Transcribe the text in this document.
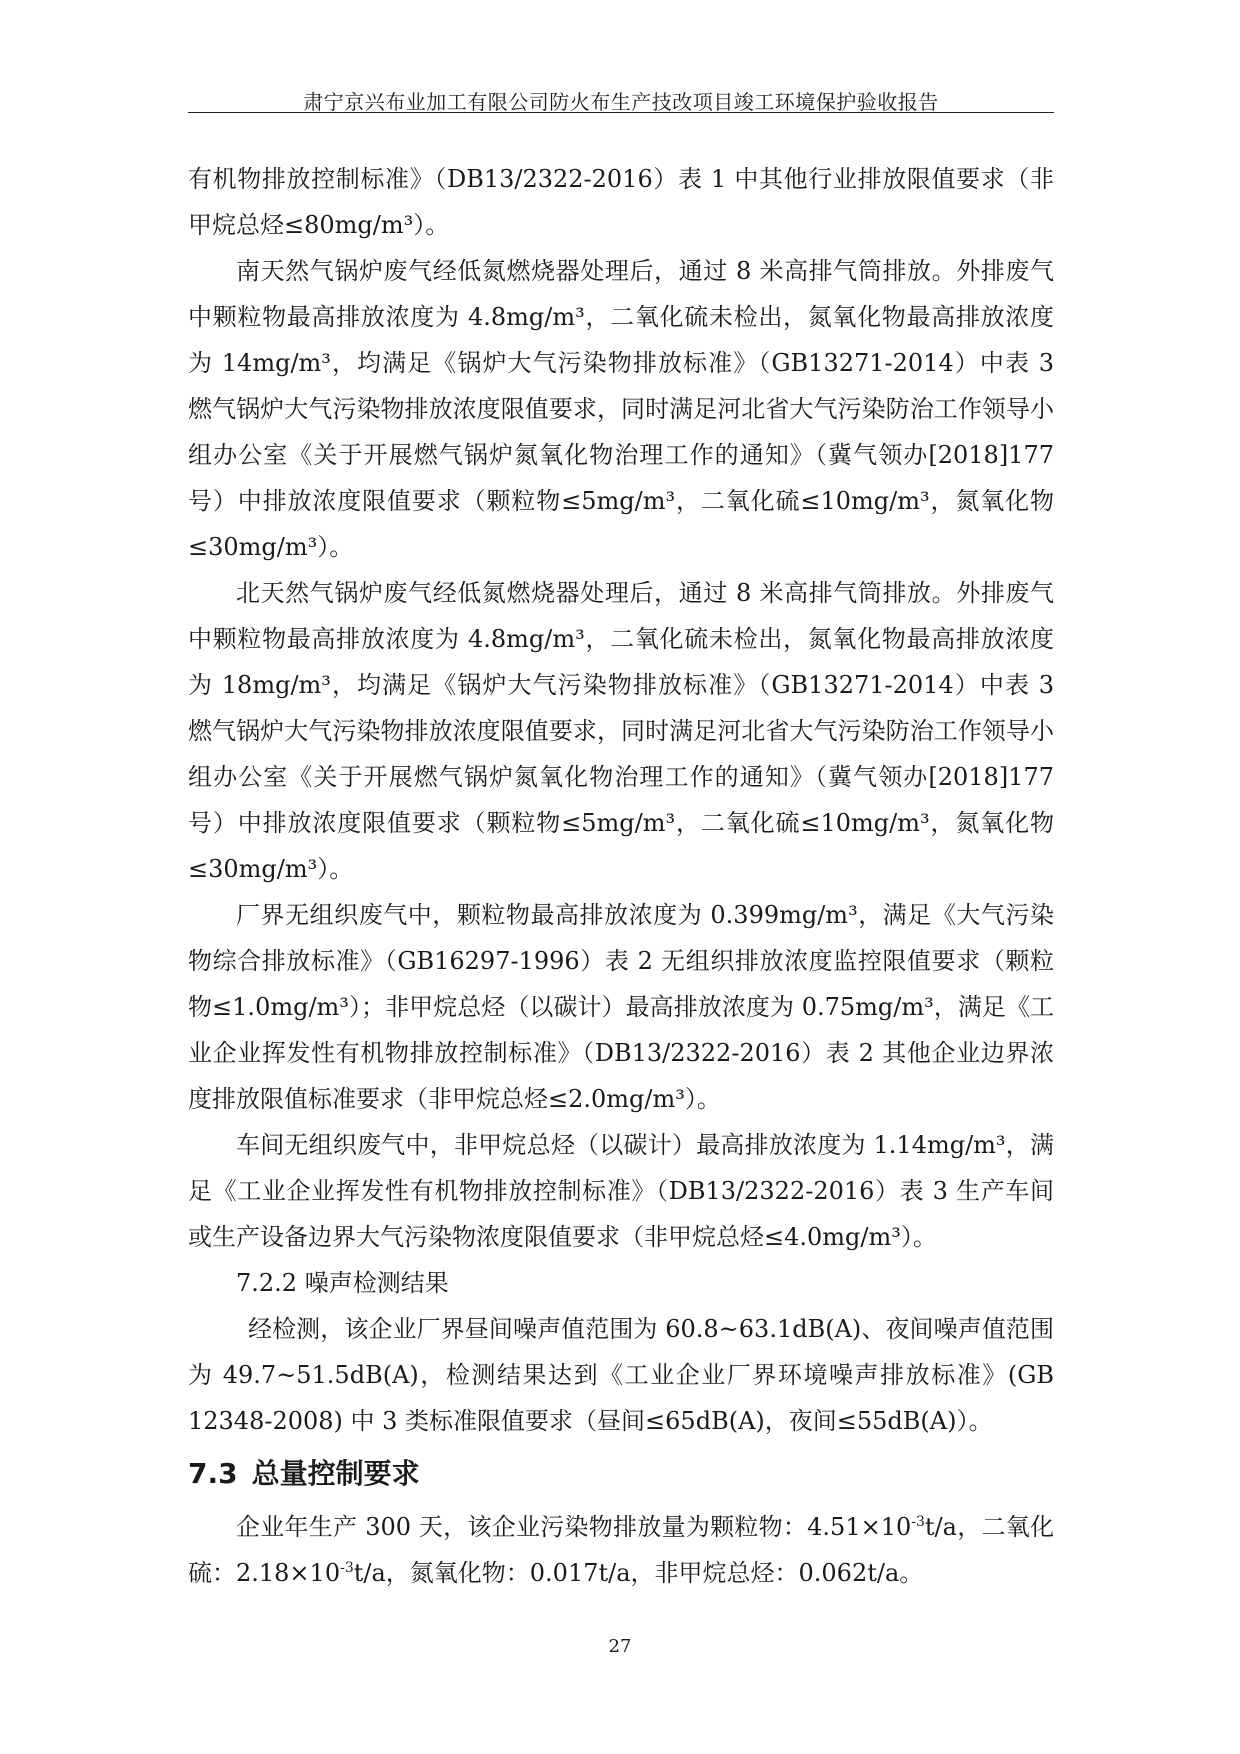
肃宁京兴布业加工有限公司防火布生产技改项目竣工环境保护验收报告

有机物排放控制标准》（DB13/2322-2016）表 1 中其他行业排放限值要求（非甲烷总烃≤80mg/m³）。

南天然气锅炉废气经低氮燃烧器处理后，通过 8 米高排气筒排放。外排废气中颗粒物最高排放浓度为 4.8mg/m³，二氧化硫未检出，氮氧化物最高排放浓度为 14mg/m³，均满足《锅炉大气污染物排放标准》（GB13271-2014）中表 3 燃气锅炉大气污染物排放浓度限值要求，同时满足河北省大气污染防治工作领导小组办公室《关于开展燃气锅炉氮氧化物治理工作的通知》（冀气领办[2018]177号）中排放浓度限值要求（颗粒物≤5mg/m³，二氧化硫≤10mg/m³，氮氧化物≤30mg/m³）。

北天然气锅炉废气经低氮燃烧器处理后，通过 8 米高排气筒排放。外排废气中颗粒物最高排放浓度为 4.8mg/m³，二氧化硫未检出，氮氧化物最高排放浓度为 18mg/m³，均满足《锅炉大气污染物排放标准》（GB13271-2014）中表 3 燃气锅炉大气污染物排放浓度限值要求，同时满足河北省大气污染防治工作领导小组办公室《关于开展燃气锅炉氮氧化物治理工作的通知》（冀气领办[2018]177号）中排放浓度限值要求（颗粒物≤5mg/m³，二氧化硫≤10mg/m³，氮氧化物≤30mg/m³）。

厂界无组织废气中，颗粒物最高排放浓度为 0.399mg/m³，满足《大气污染物综合排放标准》（GB16297-1996）表 2 无组织排放浓度监控限值要求（颗粒物≤1.0mg/m³）；非甲烷总烃（以碳计）最高排放浓度为 0.75mg/m³，满足《工业企业挥发性有机物排放控制标准》（DB13/2322-2016）表 2 其他企业边界浓度排放限值标准要求（非甲烷总烃≤2.0mg/m³）。

车间无组织废气中，非甲烷总烃（以碳计）最高排放浓度为 1.14mg/m³，满足《工业企业挥发性有机物排放控制标准》（DB13/2322-2016）表 3 生产车间或生产设备边界大气污染物浓度限值要求（非甲烷总烃≤4.0mg/m³）。

7.2.2 噪声检测结果

经检测，该企业厂界昼间噪声值范围为 60.8~63.1dB(A)、夜间噪声值范围为 49.7~51.5dB(A)，检测结果达到《工业企业厂界环境噪声排放标准》(GB 12348-2008) 中 3 类标准限值要求（昼间≤65dB(A)，夜间≤55dB(A)）。

7.3 总量控制要求

企业年生产 300 天，该企业污染物排放量为颗粒物：$4.51\times 10^{-3}t/a$，二氧化硫：$2.18\times 10^{-3}t/a$，氮氧化物：0.017t/a，非甲烷总烃：0.062t/a。

27
